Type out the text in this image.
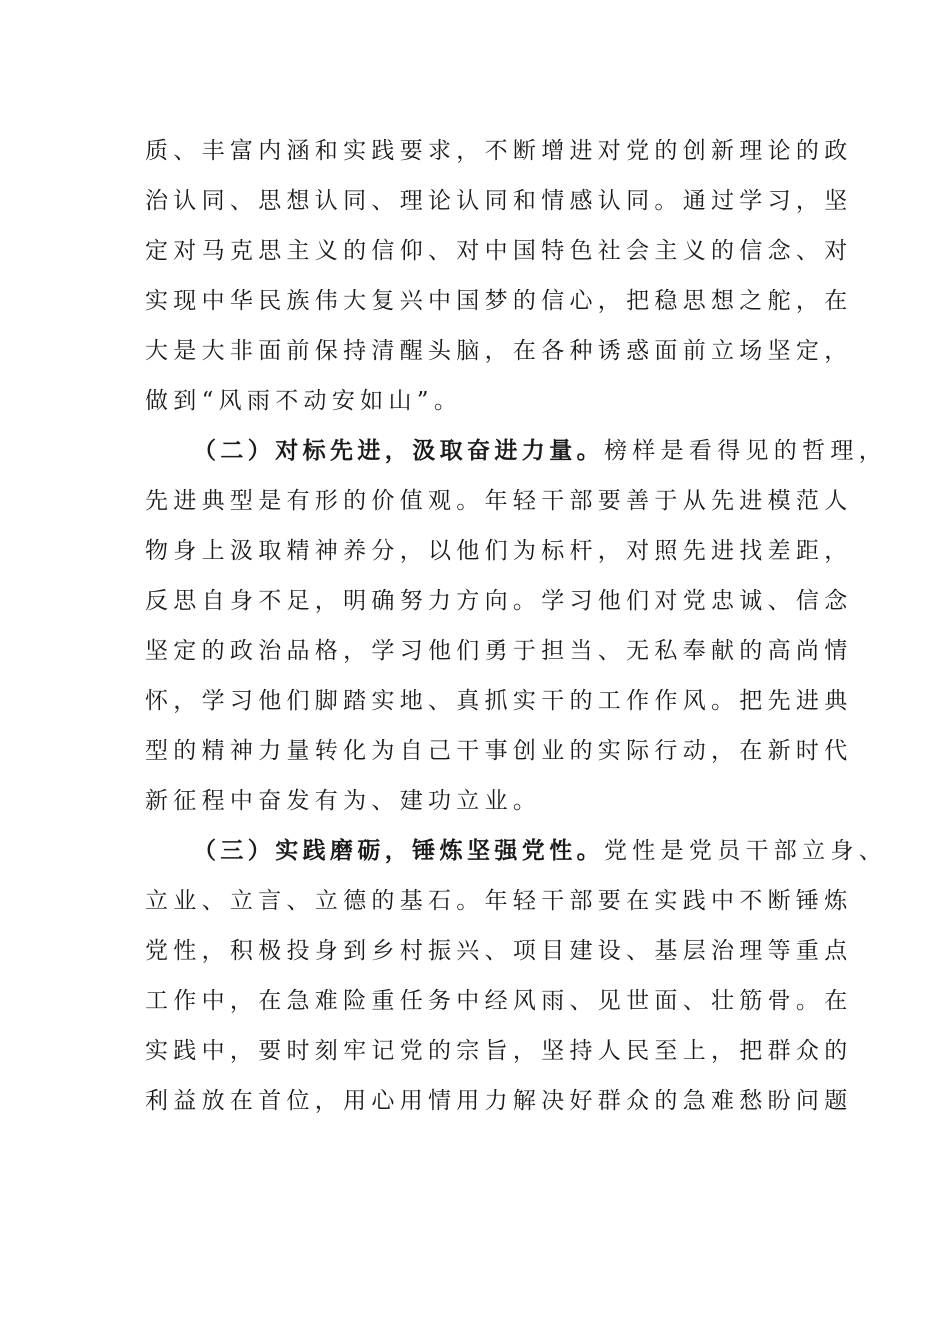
质、丰富内涵和实践要求，不断增进对党的创新理论的政
治认同、思想认同、理论认同和情感认同。通过学习，坚
定对马克思主义的信仰、对中国特色社会主义的信念、对
实现中华民族伟大复兴中国梦的信心，把稳思想之舵，在
大是大非面前保持清醒头脑，在各种诱惑面前立场坚定，
做到“风雨不动安如山”。
（二）对标先进，汲取奋进力量。榜样是看得见的哲理，
先进典型是有形的价值观。年轻干部要善于从先进模范人
物身上汲取精神养分，以他们为标杆，对照先进找差距，
反思自身不足，明确努力方向。学习他们对党忠诚、信念
坚定的政治品格，学习他们勇于担当、无私奉献的高尚情
怀，学习他们脚踏实地、真抓实干的工作作风。把先进典
型的精神力量转化为自己干事创业的实际行动，在新时代
新征程中奋发有为、建功立业。
（三）实践磨砺，锤炼坚强党性。党性是党员干部立身、
立业、立言、立德的基石。年轻干部要在实践中不断锤炼
党性，积极投身到乡村振兴、项目建设、基层治理等重点
工作中，在急难险重任务中经风雨、见世面、壮筋骨。在
实践中，要时刻牢记党的宗旨，坚持人民至上，把群众的
利益放在首位，用心用情用力解决好群众的急难愁盼问题
